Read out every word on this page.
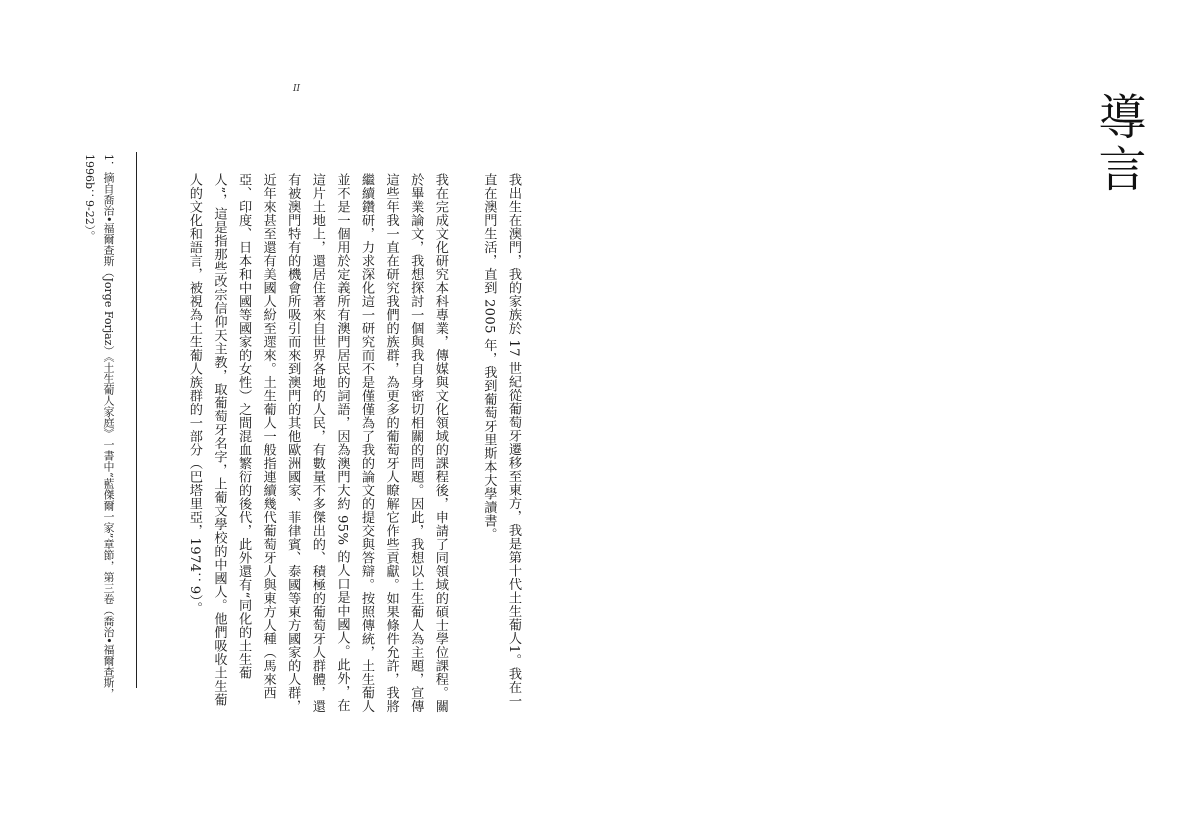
II
導言

我出生在澳門，我的家族於 17 世紀從葡萄牙遷移至東方，我是第十代土生葡人1。我在一直在澳門生活，直到 2005 年，我到葡萄牙里斯本大學讀書。

我在完成文化研究本科專業，傳媒與文化領域的課程後，申請了同領域的碩士學位課程。關於畢業論文，我想探討一個與我自身密切相關的問題。因此，我想以土生葡人為主題，宣傳這些年我一直在研究我們的族群，為更多的葡萄牙人瞭解它作些貢獻。如果條件允許，我將繼續鑽研，力求深化這一研究而不是僅僅為了我的論文的提交與答辯。按照傳統，土生葡人並不是一個用於定義所有澳門居民的詞語，因為澳門大約 95% 的人口是中國人。此外，在這片土地上，還居住著來自世界各地的人民，有數量不多傑出的、積極的葡萄牙人群體，還有被澳門特有的機會所吸引而來到澳門的其他歐洲國家、菲律賓、泰國等東方國家的人群，近年來甚至還有美國人紛至遝來。土生葡人一般指連續幾代葡萄牙人與東方人種（馬來西亞、印度、日本和中國等國家的女性）之間混血繁衍的後代，此外還有“同化的土生葡人”，這是指那些改宗信仰天主教，取葡萄牙名字，上葡文學校的中國人。他們吸收土生葡人的文化和語言，被視為土生葡人族群的一部分（巴塔里亞，1974：9）。

1．摘自喬治•福爾查斯（Jorge Forjaz）《土生葡人家庭》一書中“藍傑爾一家”章節，第三卷（喬治•福爾查斯，1996b：9-22）。
